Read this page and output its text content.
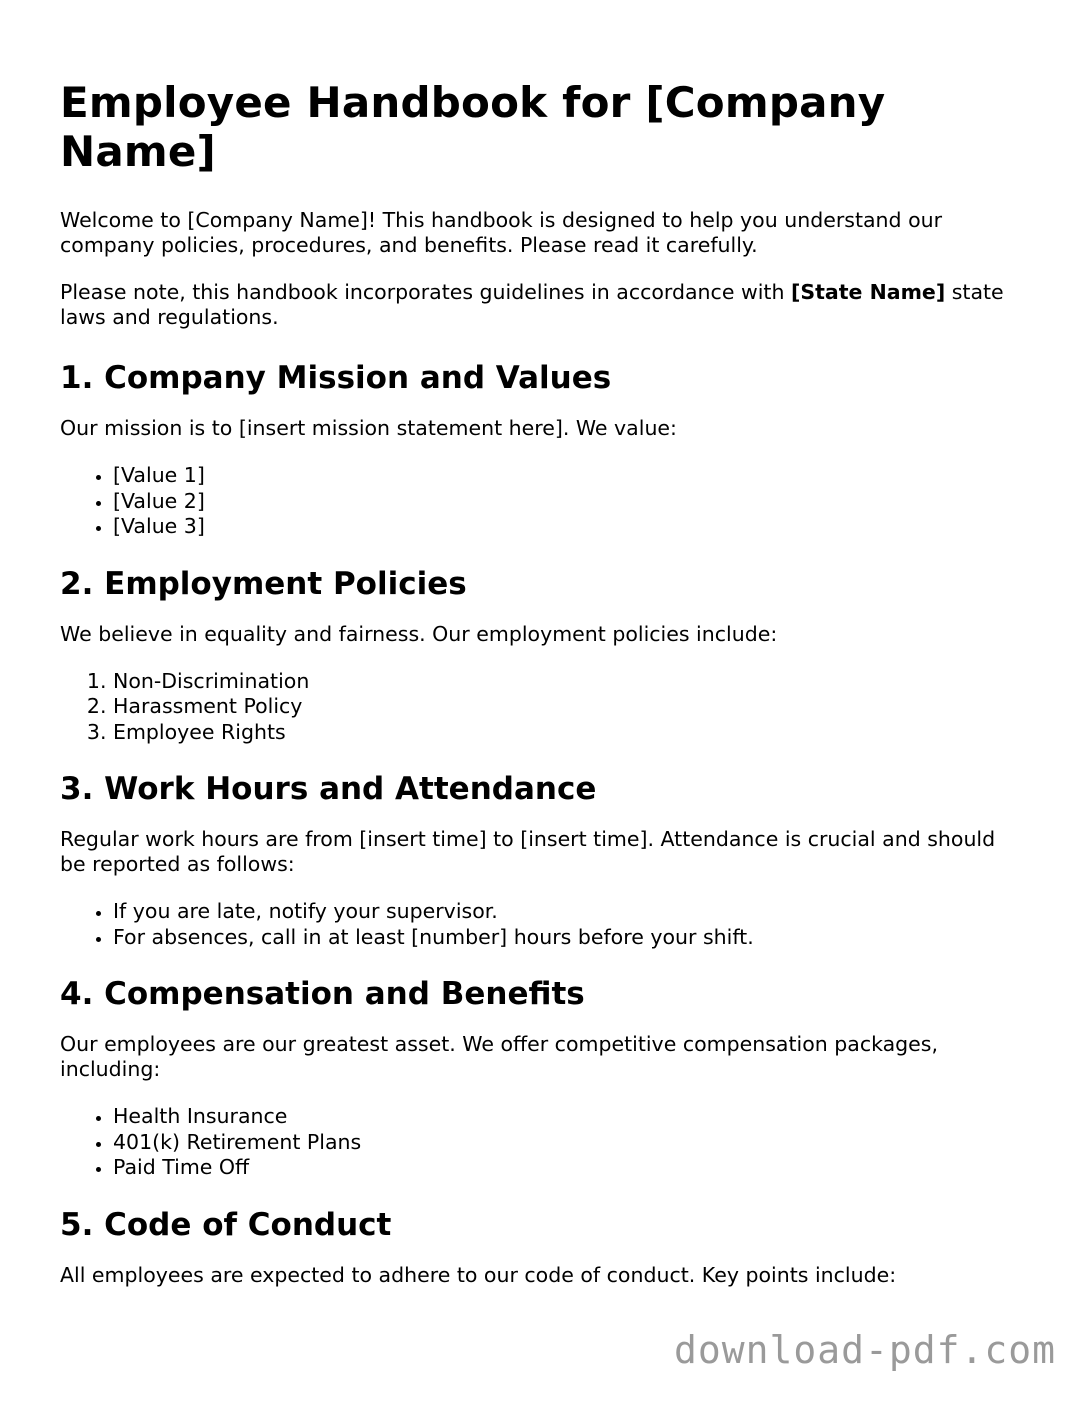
Employee Handbook for [Company Name]

Welcome to [Company Name]! This handbook is designed to help you understand our company policies, procedures, and benefits. Please read it carefully.

Please note, this handbook incorporates guidelines in accordance with [State Name] state laws and regulations.

1. Company Mission and Values

Our mission is to [insert mission statement here]. We value:

• [Value 1]
• [Value 2]
• [Value 3]
2. Employment Policies

We believe in equality and fairness. Our employment policies include:

1. Non-Discrimination
2. Harassment Policy
3. Employee Rights
3. Work Hours and Attendance

Regular work hours are from [insert time] to [insert time]. Attendance is crucial and should be reported as follows:

• If you are late, notify your supervisor.
• For absences, call in at least [number] hours before your shift.
4. Compensation and Benefits

Our employees are our greatest asset. We offer competitive compensation packages, including:

• Health Insurance
• 401(k) Retirement Plans
• Paid Time Off
5. Code of Conduct

All employees are expected to adhere to our code of conduct. Key points include:

download-pdf.com
